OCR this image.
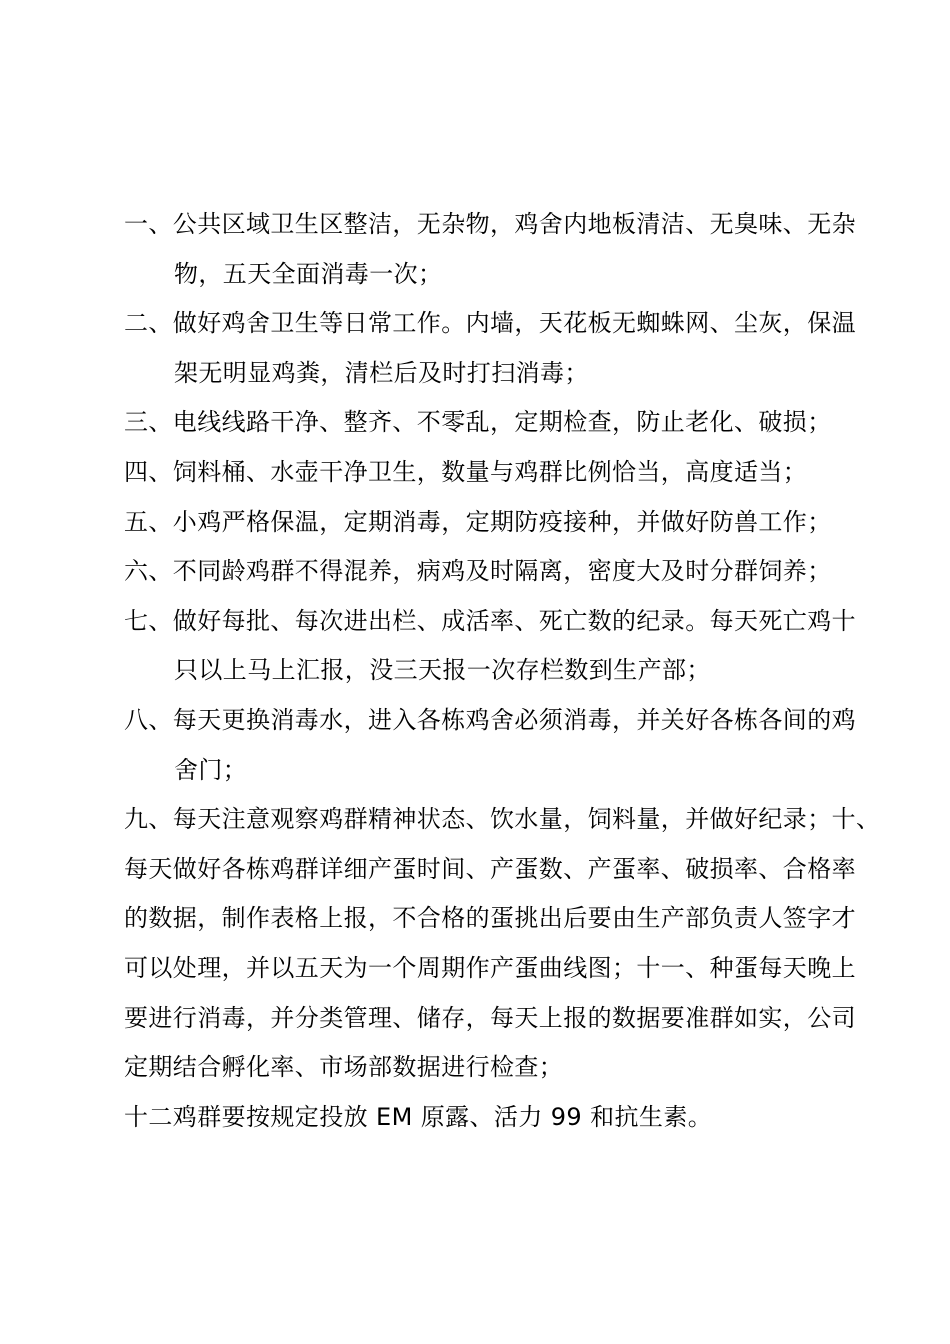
一、公共区域卫生区整洁，无杂物，鸡舍内地板清洁、无臭味、无杂
物，五天全面消毒一次；
二、做好鸡舍卫生等日常工作。内墙，天花板无蜘蛛网、尘灰，保温
架无明显鸡粪，清栏后及时打扫消毒；
三、电线线路干净、整齐、不零乱，定期检查，防止老化、破损；
四、饲料桶、水壶干净卫生，数量与鸡群比例恰当，高度适当；
五、小鸡严格保温，定期消毒，定期防疫接种，并做好防兽工作；
六、不同龄鸡群不得混养，病鸡及时隔离，密度大及时分群饲养；
七、做好每批、每次进出栏、成活率、死亡数的纪录。每天死亡鸡十
只以上马上汇报，没三天报一次存栏数到生产部；
八、每天更换消毒水，进入各栋鸡舍必须消毒，并关好各栋各间的鸡
舍门；
九、每天注意观察鸡群精神状态、饮水量，饲料量，并做好纪录；十、
每天做好各栋鸡群详细产蛋时间、产蛋数、产蛋率、破损率、合格率
的数据，制作表格上报，不合格的蛋挑出后要由生产部负责人签字才
可以处理，并以五天为一个周期作产蛋曲线图；十一、种蛋每天晚上
要进行消毒，并分类管理、储存，每天上报的数据要准群如实，公司
定期结合孵化率、市场部数据进行检查；
十二鸡群要按规定投放 EM 原露、活力 99 和抗生素。
